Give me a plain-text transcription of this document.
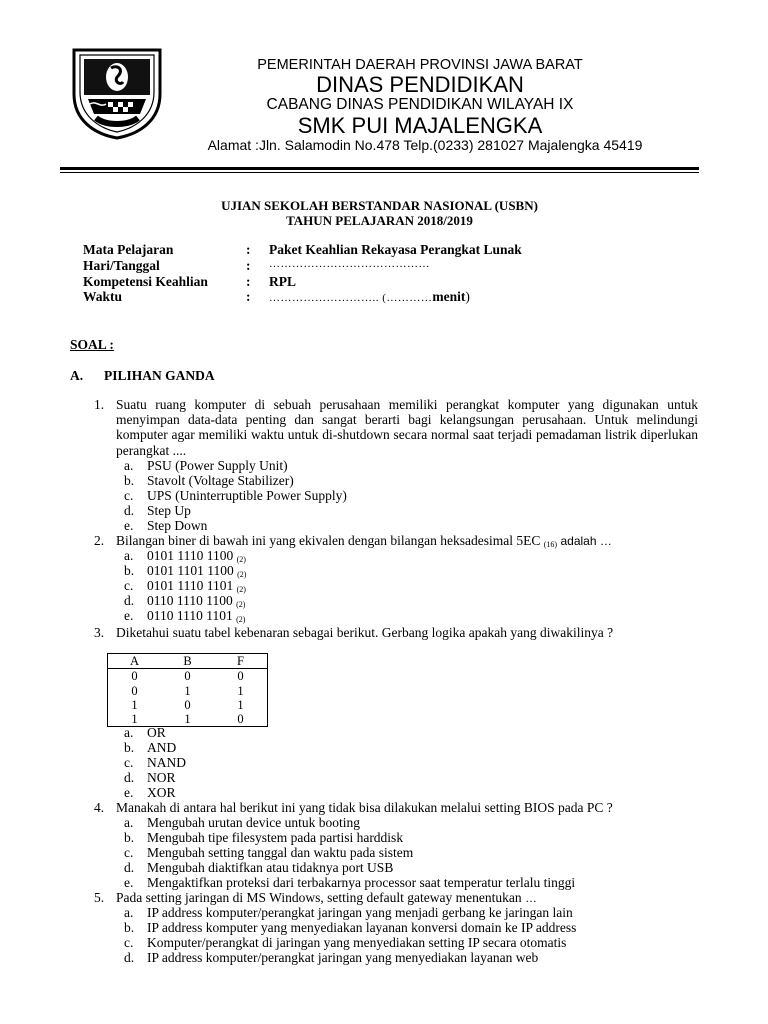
PEMERINTAH DAERAH PROVINSI JAWA BARAT
DINAS PENDIDIKAN
CABANG DINAS PENDIDIKAN WILAYAH IX
SMK PUI MAJALENGKA
Alamat :Jln. Salamodin No.478 Telp.(0233) 281027 Majalengka 45419
UJIAN SEKOLAH BERSTANDAR NASIONAL (USBN)
TAHUN PELAJARAN 2018/2019
Mata Pelajaran	: Paket Keahlian Rekayasa Perangkat Lunak
Hari/Tanggal	: ……………………………………
Kompetensi Keahlian	: RPL
Waktu	: ……………………….. (…………menit)
SOAL :
A. PILIHAN GANDA
1. Suatu ruang komputer di sebuah perusahaan memiliki perangkat komputer yang digunakan untuk menyimpan data-data penting dan sangat berarti bagi kelangsungan perusahaan. Untuk melindungi komputer agar memiliki waktu untuk di-shutdown secara normal saat terjadi pemadaman listrik diperlukan perangkat ....
a. PSU (Power Supply Unit)
b. Stavolt (Voltage Stabilizer)
c. UPS (Uninterruptible Power Supply)
d. Step Up
e. Step Down
2. Bilangan biner di bawah ini yang ekivalen dengan bilangan heksadesimal 5EC $_{(16)}$ adalah …
a. 0101 1110 1100 $_{(2)}$
b. 0101 1101 1100 $_{(2)}$
c. 0101 1110 1101 $_{(2)}$
d. 0110 1110 1100 $_{(2)}$
e. 0110 1110 1101 $_{(2)}$
3. Diketahui suatu tabel kebenaran sebagai berikut. Gerbang logika apakah yang diwakilinya ?
A	B	F
0	0	0
0	1	1
1	0	1
1	1	0
a. OR
b. AND
c. NAND
d. NOR
e. XOR
4. Manakah di antara hal berikut ini yang tidak bisa dilakukan melalui setting BIOS pada PC ?
a. Mengubah urutan device untuk booting
b. Mengubah tipe filesystem pada partisi harddisk
c. Mengubah setting tanggal dan waktu pada sistem
d. Mengubah diaktifkan atau tidaknya port USB
e. Mengaktifkan proteksi dari terbakarnya processor saat temperatur terlalu tinggi
5. Pada setting jaringan di MS Windows, setting default gateway menentukan …
a. IP address komputer/perangkat jaringan yang menjadi gerbang ke jaringan lain
b. IP address komputer yang menyediakan layanan konversi domain ke IP address
c. Komputer/perangkat di jaringan yang menyediakan setting IP secara otomatis
d. IP address komputer/perangkat jaringan yang menyediakan layanan web
